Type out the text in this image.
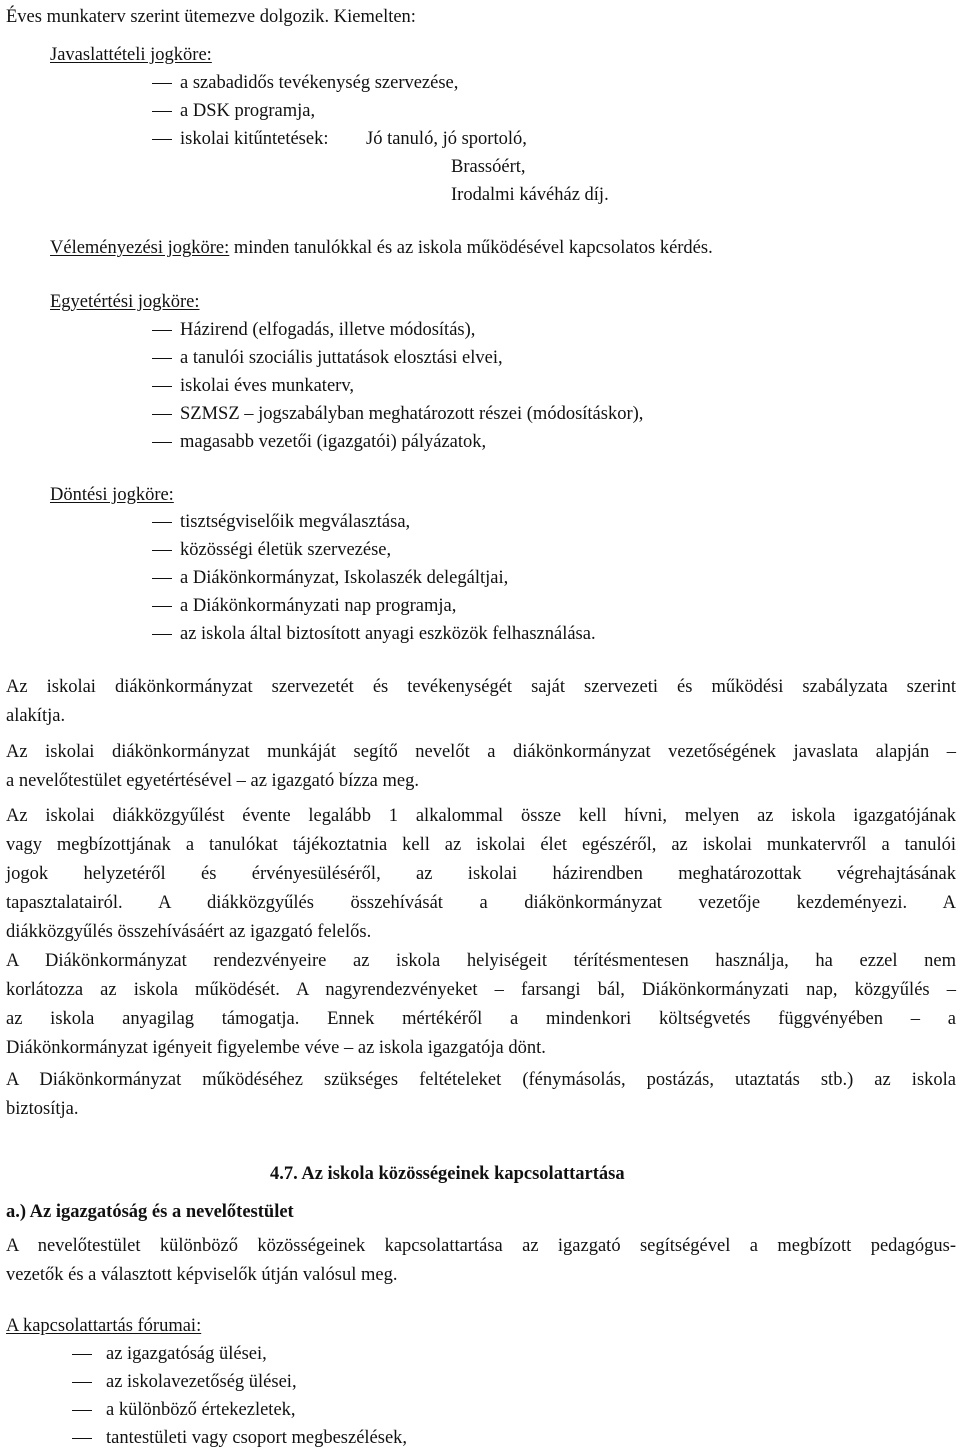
Éves munkaterv szerint ütemezve dolgozik. Kiemelten:
Javaslattételi jogköre:
a szabadidős tevékenység szervezése,
a DSK programja,
iskolai kitűntetések: Jó tanuló, jó sportoló,
Brassóért,
Irodalmi kávéház díj.
Véleményezési jogköre: minden tanulókkal és az iskola működésével kapcsolatos kérdés.
Egyetértési jogköre:
Házirend (elfogadás, illetve módosítás),
a tanulói szociális juttatások elosztási elvei,
iskolai éves munkaterv,
SZMSZ – jogszabályban meghatározott részei (módosításkor),
magasabb vezetői (igazgatói) pályázatok,
Döntési jogköre:
tisztségviselőik megválasztása,
közösségi életük szervezése,
a Diákönkormányzat, Iskolaszék delegáltjai,
a Diákönkormányzati nap programja,
az iskola által biztosított anyagi eszközök felhasználása.
Az iskolai diákönkormányzat szervezetét és tevékenységét saját szervezeti és működési szabályzata szerint
alakítja.
Az iskolai diákönkormányzat munkáját segítő nevelőt a diákönkormányzat vezetőségének javaslata alapján –
a nevelőtestület egyetértésével – az igazgató bízza meg.
Az iskolai diákközgyűlést évente legalább 1 alkalommal össze kell hívni, melyen az iskola igazgatójának
vagy megbízottjának a tanulókat tájékoztatnia kell az iskolai élet egészéről, az iskolai munkatervről a tanulói
jogok helyzetéről és érvényesüléséről, az iskolai házirendben meghatározottak végrehajtásának
tapasztalatairól. A diákközgyűlés összehívását a diákönkormányzat vezetője kezdeményezi. A
diákközgyűlés összehívásáért az igazgató felelős.
A Diákönkormányzat rendezvényeire az iskola helyiségeit térítésmentesen használja, ha ezzel nem
korlátozza az iskola működését. A nagyrendezvényeket – farsangi bál, Diákönkormányzati nap, közgyűlés –
az iskola anyagilag támogatja. Ennek mértékéről a mindenkori költségvetés függvényében – a
Diákönkormányzat igényeit figyelembe véve – az iskola igazgatója dönt.
A Diákönkormányzat működéséhez szükséges feltételeket (fénymásolás, postázás, utaztatás stb.) az iskola
biztosítja.
4.7. Az iskola közösségeinek kapcsolattartása
a.) Az igazgatóság és a nevelőtestület
A nevelőtestület különböző közösségeinek kapcsolattartása az igazgató segítségével a megbízott pedagógus-
vezetők és a választott képviselők útján valósul meg.
A kapcsolattartás fórumai:
az igazgatóság ülései,
az iskolavezetőség ülései,
a különböző értekezletek,
tantestületi vagy csoport megbeszélések,
